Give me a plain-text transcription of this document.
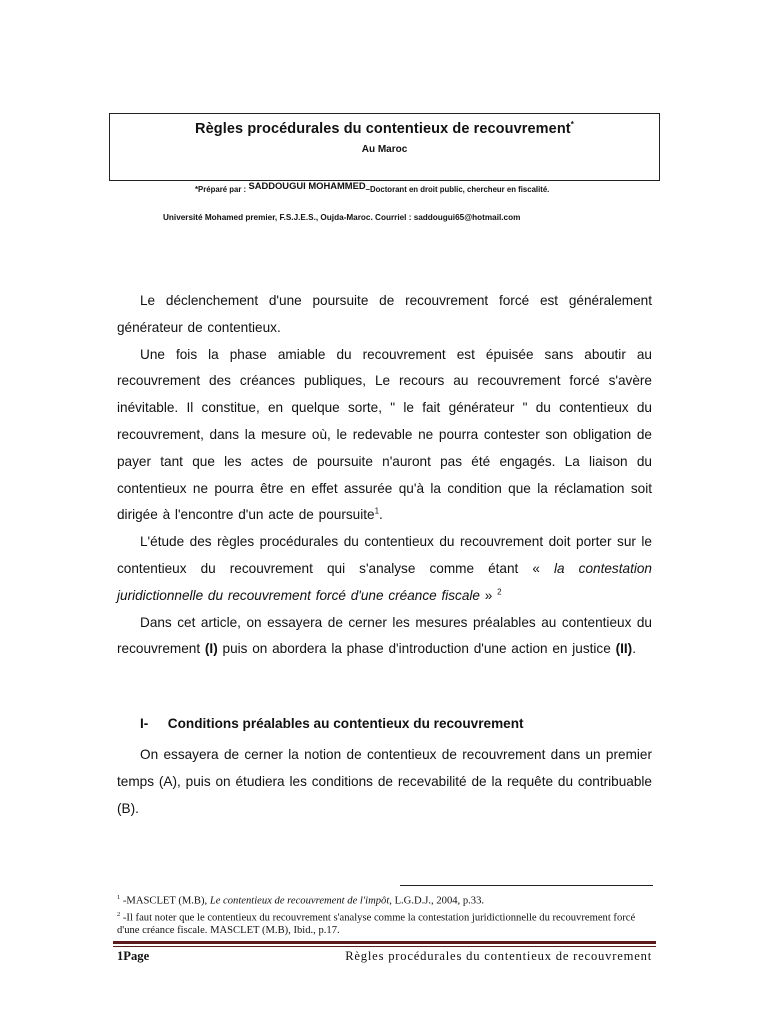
Règles procédurales du contentieux de recouvrement*
Au Maroc
*Préparé par : SADDOUGUI MOHAMMED–Doctorant en droit public, chercheur en fiscalité.
Université Mohamed premier, F.S.J.E.S., Oujda-Maroc. Courriel : saddougui65@hotmail.com

Le déclenchement d'une poursuite de recouvrement forcé est généralement générateur de contentieux.

Une fois la phase amiable du recouvrement est épuisée sans aboutir au recouvrement des créances publiques, Le recours au recouvrement forcé s'avère inévitable. Il constitue, en quelque sorte, " le fait générateur " du contentieux du recouvrement, dans la mesure où, le redevable ne pourra contester son obligation de payer tant que les actes de poursuite n'auront pas été engagés. La liaison du contentieux ne pourra être en effet assurée qu'à la condition que la réclamation soit dirigée à l'encontre d'un acte de poursuite$^1$.

L'étude des règles procédurales du contentieux du recouvrement doit porter sur le contentieux du recouvrement qui s'analyse comme étant « la contestation juridictionnelle du recouvrement forcé d'une créance fiscale » $^2$

Dans cet article, on essayera de cerner les mesures préalables au contentieux du recouvrement (I) puis on abordera la phase d'introduction d'une action en justice (II).

I- Conditions préalables au contentieux du recouvrement

On essayera de cerner la notion de contentieux de recouvrement dans un premier temps (A), puis on étudiera les conditions de recevabilité de la requête du contribuable (B).

$^1$ -MASCLET (M.B), Le contentieux de recouvrement de l'impôt, L.G.D.J., 2004, p.33.
$^2$ -Il faut noter que le contentieux du recouvrement s'analyse comme la contestation juridictionnelle du recouvrement forcé d'une créance fiscale. MASCLET (M.B), Ibid., p.17.
1Page	Règles procédurales du contentieux de recouvrement
